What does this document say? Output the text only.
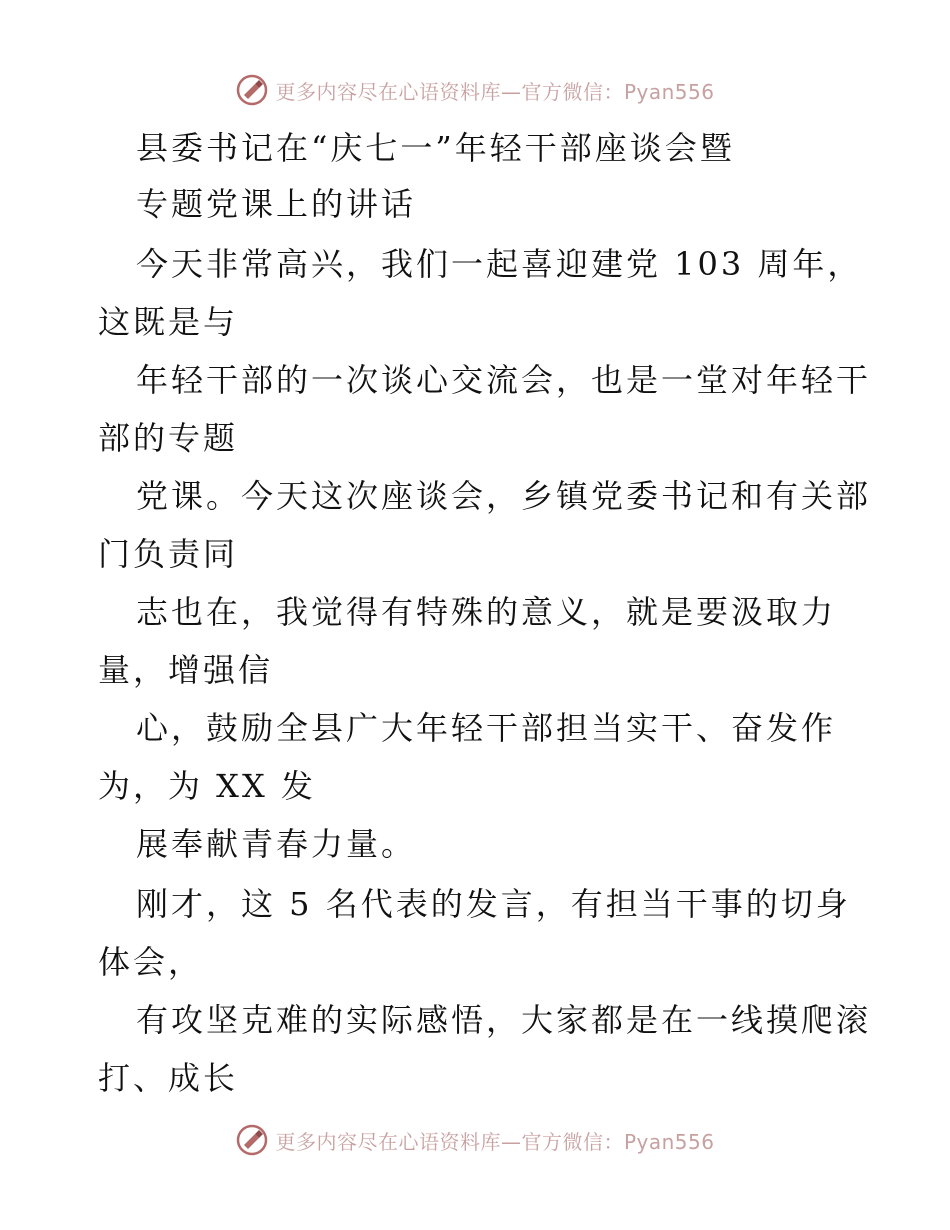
更多内容尽在心语资料库—官方微信：Pyan556
县委书记在“庆七一”年轻干部座谈会暨
专题党课上的讲话
今天非常高兴，我们一起喜迎建党 103 周年，
这既是与
年轻干部的一次谈心交流会，也是一堂对年轻干
部的专题
党课。今天这次座谈会，乡镇党委书记和有关部
门负责同
志也在，我觉得有特殊的意义，就是要汲取力
量，增强信
心，鼓励全县广大年轻干部担当实干、奋发作
为，为 XX 发
展奉献青春力量。
刚才，这 5 名代表的发言，有担当干事的切身
体会，
有攻坚克难的实际感悟，大家都是在一线摸爬滚
打、成长
更多内容尽在心语资料库—官方微信：Pyan556
